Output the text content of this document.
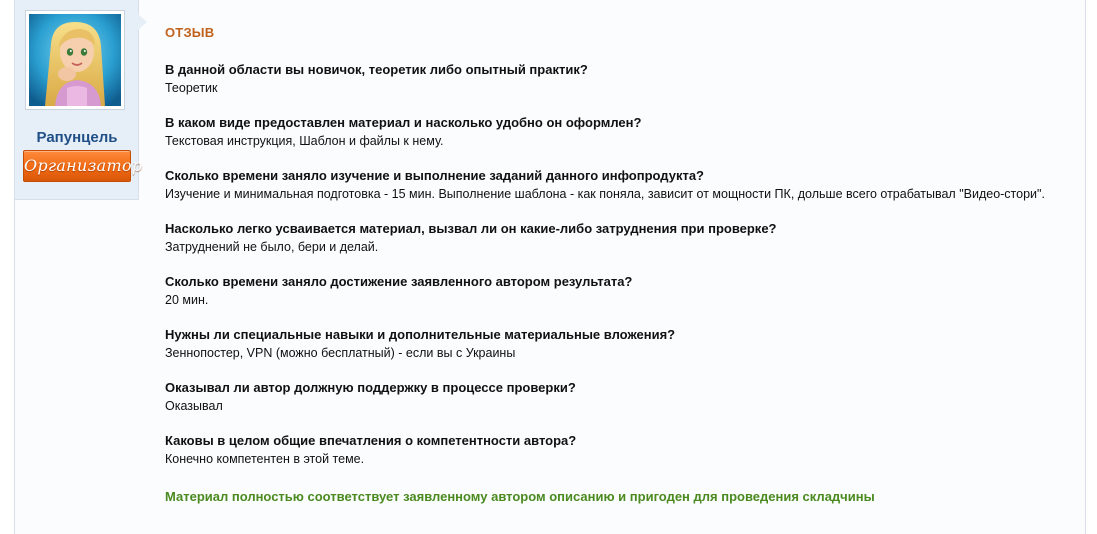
Рапунцель
Организатор
ОТЗЫВ
В данной области вы новичок, теоретик либо опытный практик?
Теоретик
В каком виде предоставлен материал и насколько удобно он оформлен?
Текстовая инструкция, Шаблон и файлы к нему.
Сколько времени заняло изучение и выполнение заданий данного инфопродукта?
Изучение и минимальная подготовка - 15 мин. Выполнение шаблона - как поняла, зависит от мощности ПК, дольше всего отрабатывал "Видео-стори".
Насколько легко усваивается материал, вызвал ли он какие-либо затруднения при проверке?
Затруднений не было, бери и делай.
Сколько времени заняло достижение заявленного автором результата?
20 мин.
Нужны ли специальные навыки и дополнительные материальные вложения?
Зеннопостер, VPN (можно бесплатный) - если вы с Украины
Оказывал ли автор должную поддержку в процессе проверки?
Оказывал
Каковы в целом общие впечатления о компетентности автора?
Конечно компетентен в этой теме.
Материал полностью соответствует заявленному автором описанию и пригоден для проведения складчины
